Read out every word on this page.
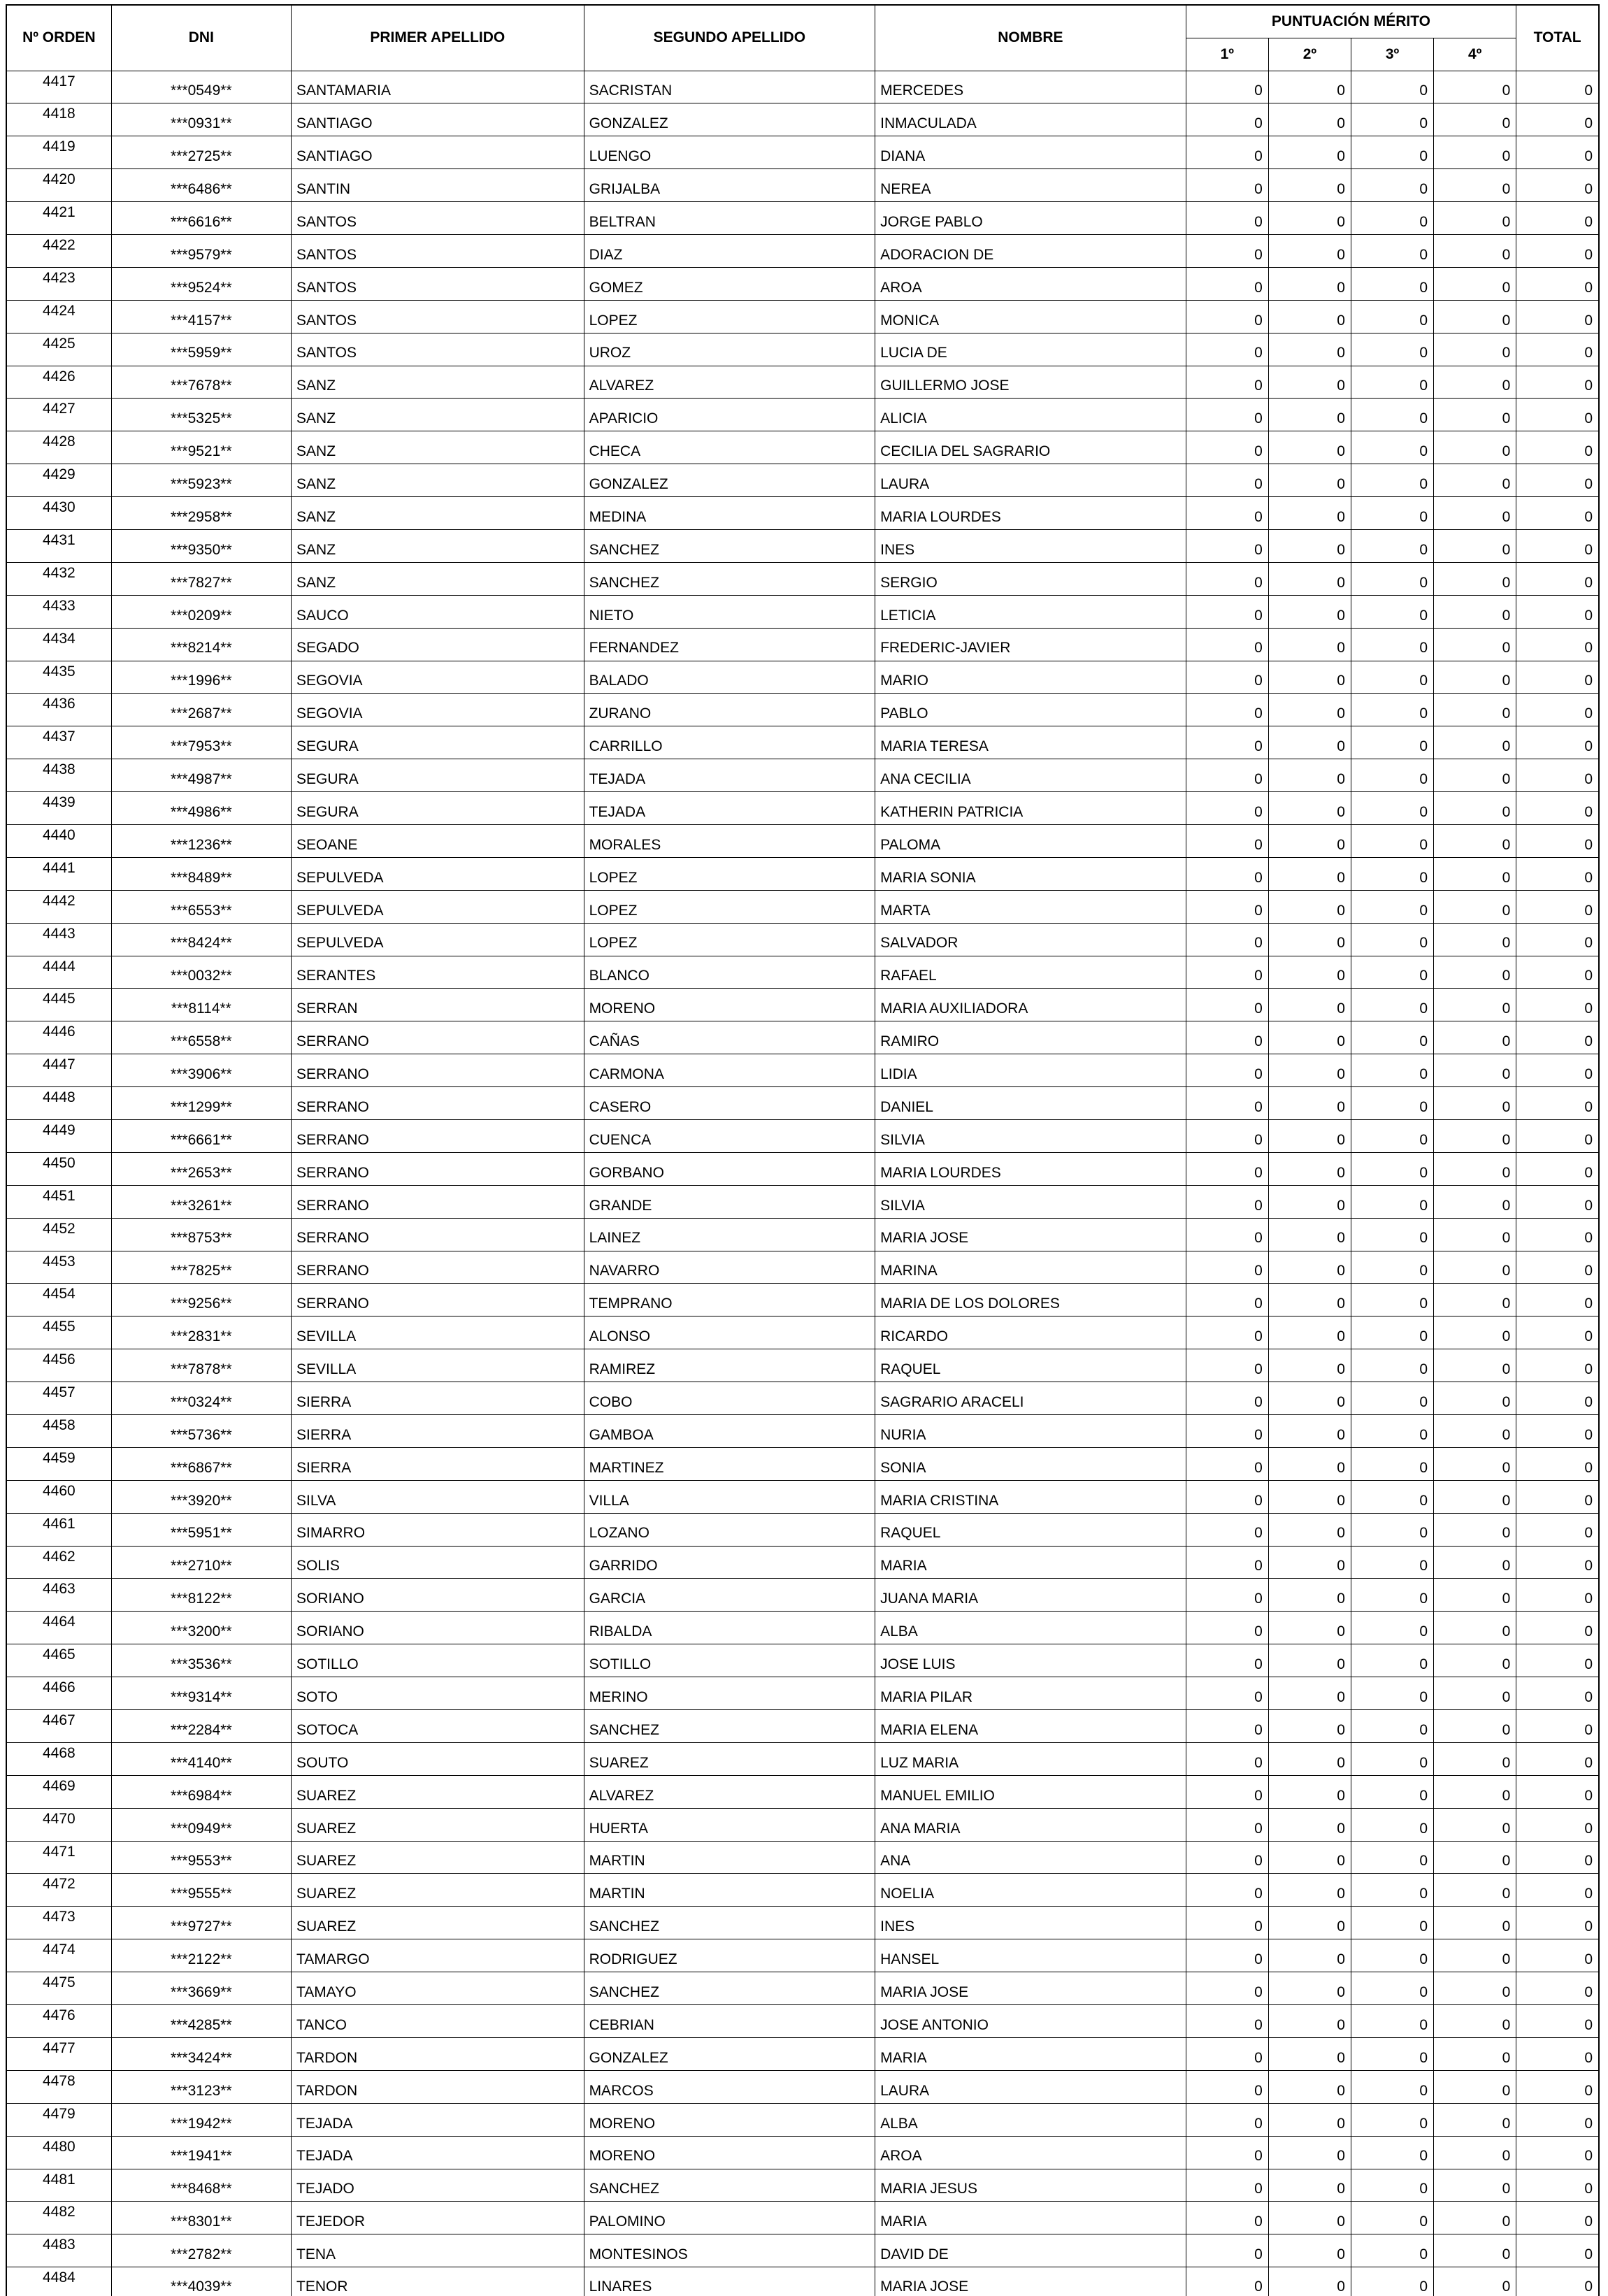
Nº ORDEN	DNI	PRIMER APELLIDO	SEGUNDO APELLIDO	NOMBRE	PUNTUACIÓN MÉRITO				TOTAL
					1º	2º	3º	4º	
4417	***0549**	SANTAMARIA	SACRISTAN	MERCEDES	0	0	0	0	0
4418	***0931**	SANTIAGO	GONZALEZ	INMACULADA	0	0	0	0	0
4419	***2725**	SANTIAGO	LUENGO	DIANA	0	0	0	0	0
4420	***6486**	SANTIN	GRIJALBA	NEREA	0	0	0	0	0
4421	***6616**	SANTOS	BELTRAN	JORGE PABLO	0	0	0	0	0
4422	***9579**	SANTOS	DIAZ	ADORACION DE	0	0	0	0	0
4423	***9524**	SANTOS	GOMEZ	AROA	0	0	0	0	0
4424	***4157**	SANTOS	LOPEZ	MONICA	0	0	0	0	0
4425	***5959**	SANTOS	UROZ	LUCIA DE	0	0	0	0	0
4426	***7678**	SANZ	ALVAREZ	GUILLERMO JOSE	0	0	0	0	0
4427	***5325**	SANZ	APARICIO	ALICIA	0	0	0	0	0
4428	***9521**	SANZ	CHECA	CECILIA DEL SAGRARIO	0	0	0	0	0
4429	***5923**	SANZ	GONZALEZ	LAURA	0	0	0	0	0
4430	***2958**	SANZ	MEDINA	MARIA LOURDES	0	0	0	0	0
4431	***9350**	SANZ	SANCHEZ	INES	0	0	0	0	0
4432	***7827**	SANZ	SANCHEZ	SERGIO	0	0	0	0	0
4433	***0209**	SAUCO	NIETO	LETICIA	0	0	0	0	0
4434	***8214**	SEGADO	FERNANDEZ	FREDERIC-JAVIER	0	0	0	0	0
4435	***1996**	SEGOVIA	BALADO	MARIO	0	0	0	0	0
4436	***2687**	SEGOVIA	ZURANO	PABLO	0	0	0	0	0
4437	***7953**	SEGURA	CARRILLO	MARIA TERESA	0	0	0	0	0
4438	***4987**	SEGURA	TEJADA	ANA CECILIA	0	0	0	0	0
4439	***4986**	SEGURA	TEJADA	KATHERIN PATRICIA	0	0	0	0	0
4440	***1236**	SEOANE	MORALES	PALOMA	0	0	0	0	0
4441	***8489**	SEPULVEDA	LOPEZ	MARIA SONIA	0	0	0	0	0
4442	***6553**	SEPULVEDA	LOPEZ	MARTA	0	0	0	0	0
4443	***8424**	SEPULVEDA	LOPEZ	SALVADOR	0	0	0	0	0
4444	***0032**	SERANTES	BLANCO	RAFAEL	0	0	0	0	0
4445	***8114**	SERRAN	MORENO	MARIA AUXILIADORA	0	0	0	0	0
4446	***6558**	SERRANO	CAÑAS	RAMIRO	0	0	0	0	0
4447	***3906**	SERRANO	CARMONA	LIDIA	0	0	0	0	0
4448	***1299**	SERRANO	CASERO	DANIEL	0	0	0	0	0
4449	***6661**	SERRANO	CUENCA	SILVIA	0	0	0	0	0
4450	***2653**	SERRANO	GORBANO	MARIA LOURDES	0	0	0	0	0
4451	***3261**	SERRANO	GRANDE	SILVIA	0	0	0	0	0
4452	***8753**	SERRANO	LAINEZ	MARIA JOSE	0	0	0	0	0
4453	***7825**	SERRANO	NAVARRO	MARINA	0	0	0	0	0
4454	***9256**	SERRANO	TEMPRANO	MARIA DE LOS DOLORES	0	0	0	0	0
4455	***2831**	SEVILLA	ALONSO	RICARDO	0	0	0	0	0
4456	***7878**	SEVILLA	RAMIREZ	RAQUEL	0	0	0	0	0
4457	***0324**	SIERRA	COBO	SAGRARIO ARACELI	0	0	0	0	0
4458	***5736**	SIERRA	GAMBOA	NURIA	0	0	0	0	0
4459	***6867**	SIERRA	MARTINEZ	SONIA	0	0	0	0	0
4460	***3920**	SILVA	VILLA	MARIA CRISTINA	0	0	0	0	0
4461	***5951**	SIMARRO	LOZANO	RAQUEL	0	0	0	0	0
4462	***2710**	SOLIS	GARRIDO	MARIA	0	0	0	0	0
4463	***8122**	SORIANO	GARCIA	JUANA MARIA	0	0	0	0	0
4464	***3200**	SORIANO	RIBALDA	ALBA	0	0	0	0	0
4465	***3536**	SOTILLO	SOTILLO	JOSE LUIS	0	0	0	0	0
4466	***9314**	SOTO	MERINO	MARIA PILAR	0	0	0	0	0
4467	***2284**	SOTOCA	SANCHEZ	MARIA ELENA	0	0	0	0	0
4468	***4140**	SOUTO	SUAREZ	LUZ MARIA	0	0	0	0	0
4469	***6984**	SUAREZ	ALVAREZ	MANUEL EMILIO	0	0	0	0	0
4470	***0949**	SUAREZ	HUERTA	ANA MARIA	0	0	0	0	0
4471	***9553**	SUAREZ	MARTIN	ANA	0	0	0	0	0
4472	***9555**	SUAREZ	MARTIN	NOELIA	0	0	0	0	0
4473	***9727**	SUAREZ	SANCHEZ	INES	0	0	0	0	0
4474	***2122**	TAMARGO	RODRIGUEZ	HANSEL	0	0	0	0	0
4475	***3669**	TAMAYO	SANCHEZ	MARIA JOSE	0	0	0	0	0
4476	***4285**	TANCO	CEBRIAN	JOSE ANTONIO	0	0	0	0	0
4477	***3424**	TARDON	GONZALEZ	MARIA	0	0	0	0	0
4478	***3123**	TARDON	MARCOS	LAURA	0	0	0	0	0
4479	***1942**	TEJADA	MORENO	ALBA	0	0	0	0	0
4480	***1941**	TEJADA	MORENO	AROA	0	0	0	0	0
4481	***8468**	TEJADO	SANCHEZ	MARIA JESUS	0	0	0	0	0
4482	***8301**	TEJEDOR	PALOMINO	MARIA	0	0	0	0	0
4483	***2782**	TENA	MONTESINOS	DAVID DE	0	0	0	0	0
4484	***4039**	TENOR	LINARES	MARIA JOSE	0	0	0	0	0
